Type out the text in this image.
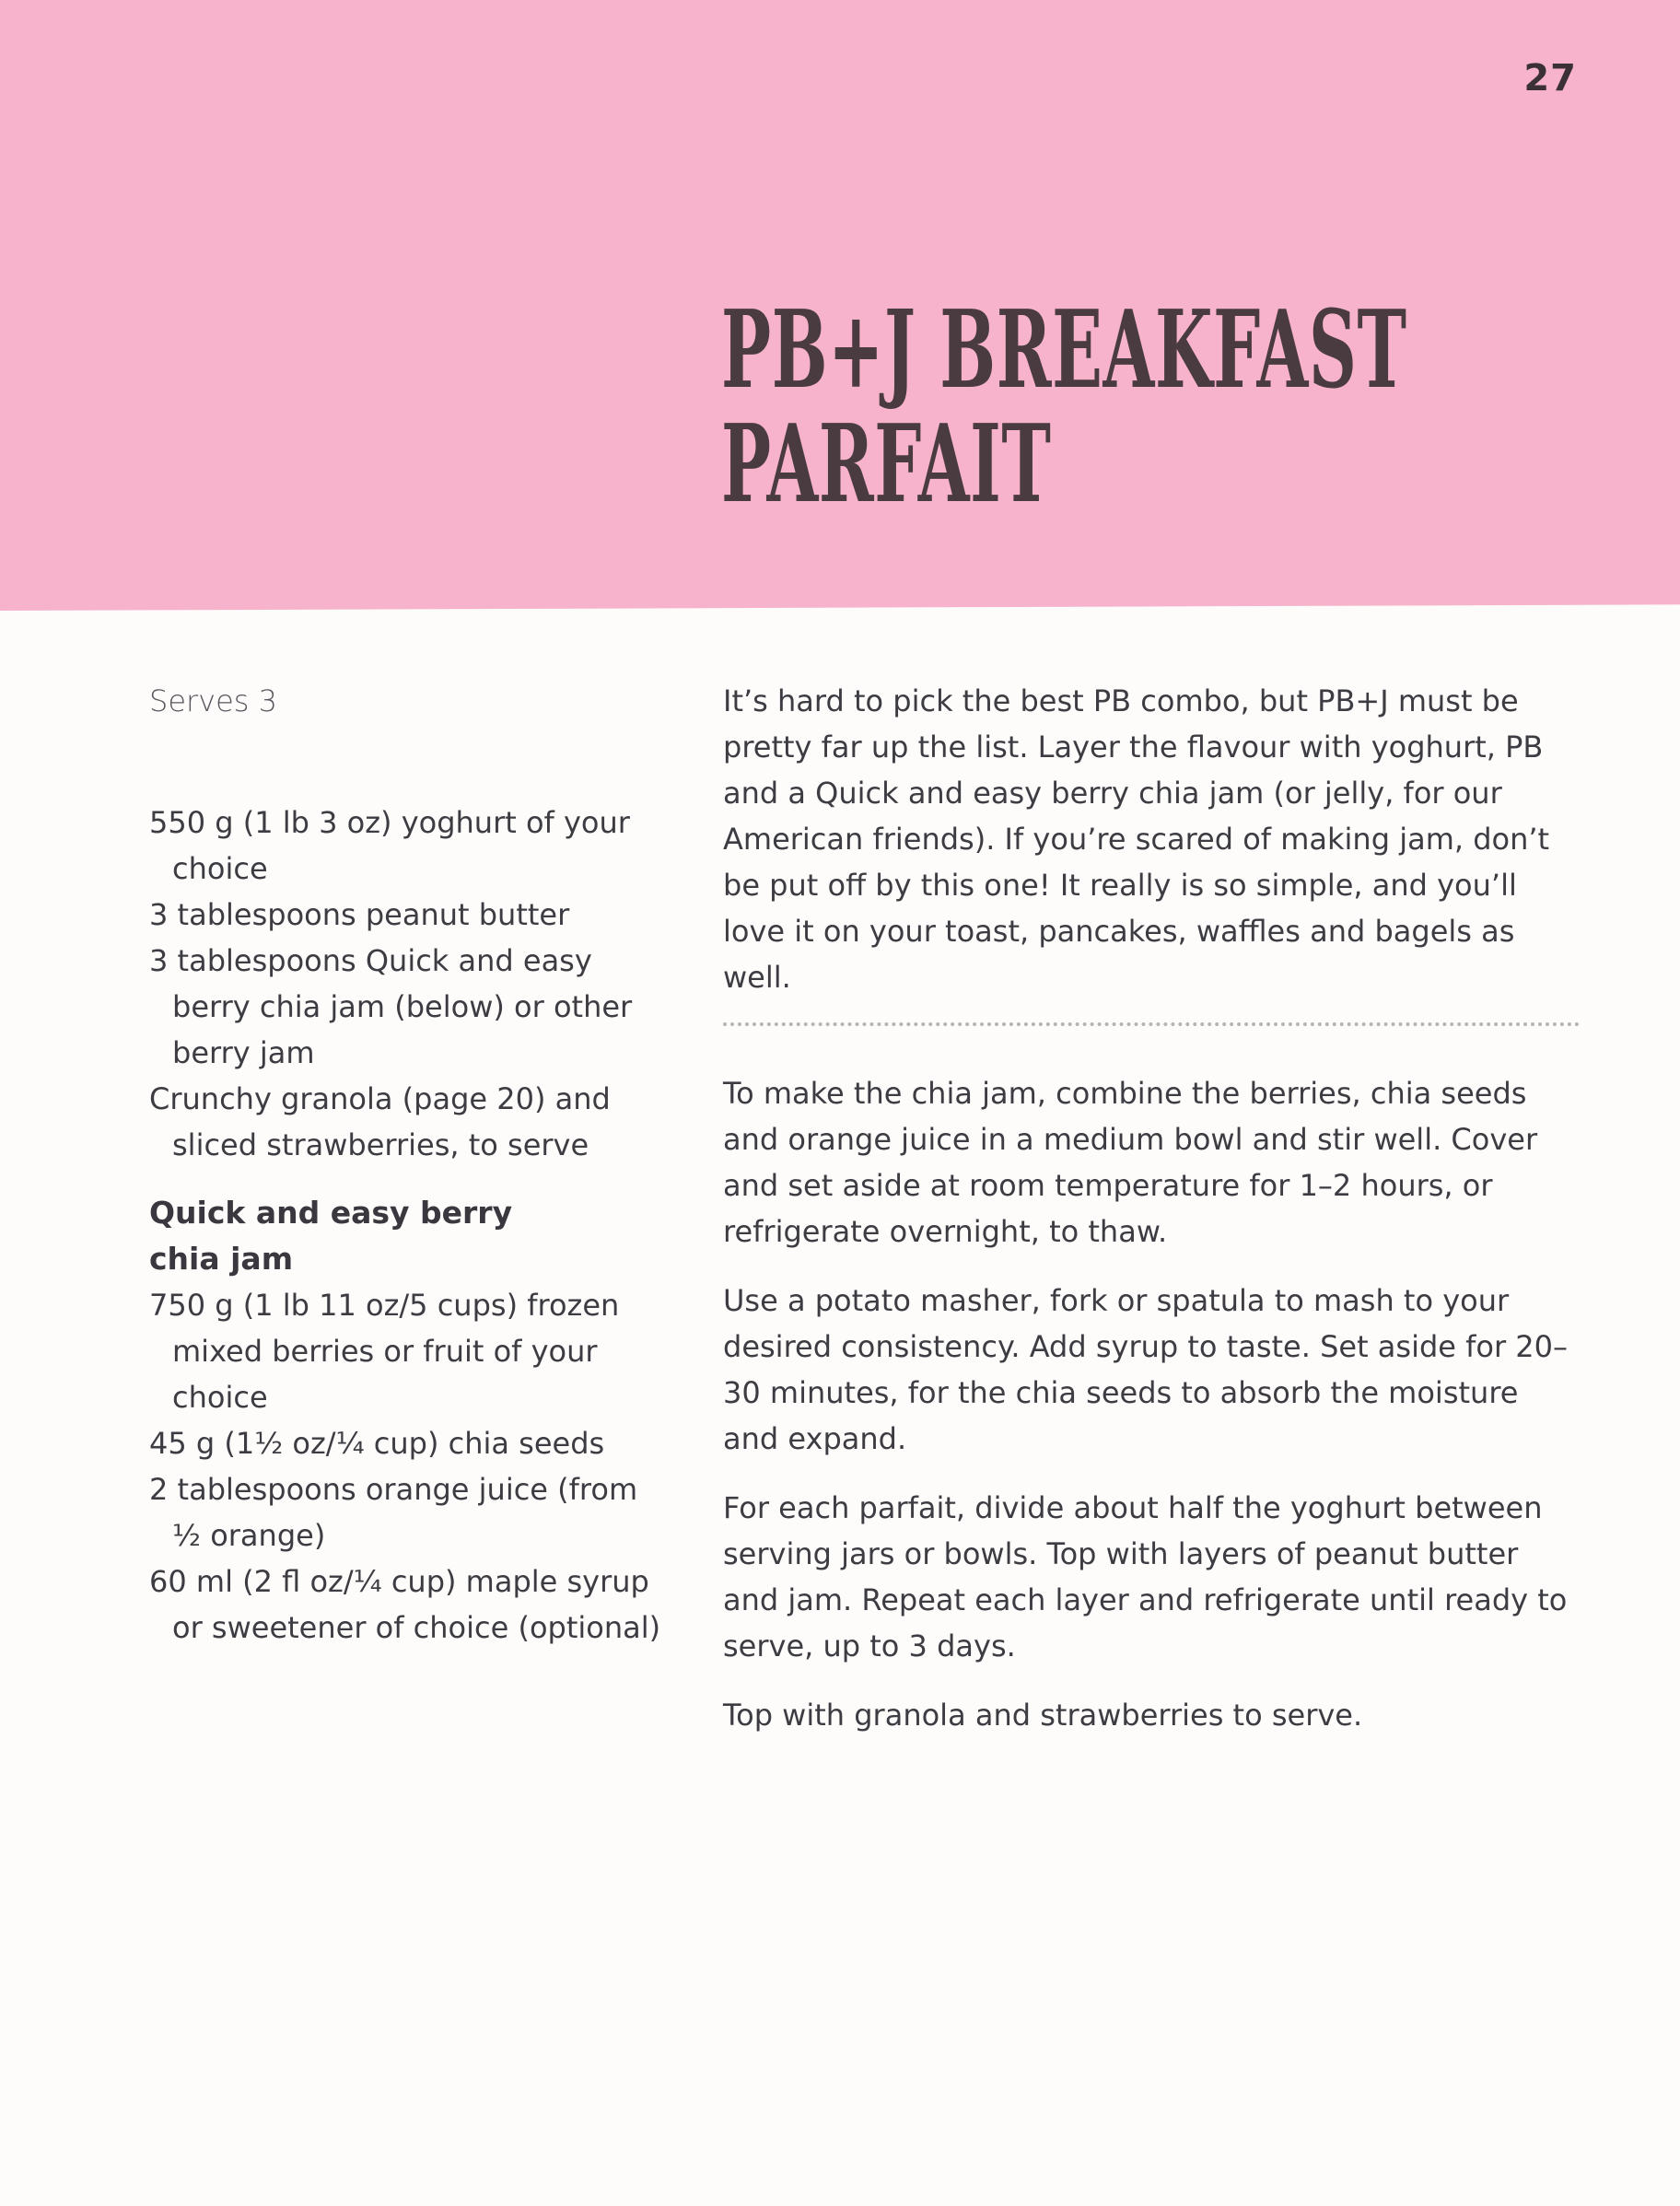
27
PB+J BREAKFAST
PARFAIT

Serves 3

550 g (1 lb 3 oz) yoghurt of your choice
3 tablespoons peanut butter
3 tablespoons Quick and easy berry chia jam (below) or other berry jam
Crunchy granola (page 20) and sliced strawberries, to serve
Quick and easy berry chia jam
750 g (1 lb 11 oz/5 cups) frozen mixed berries or fruit of your choice
45 g (1½ oz/¼ cup) chia seeds
2 tablespoons orange juice (from ½ orange)
60 ml (2 fl oz/¼ cup) maple syrup or sweetener of choice (optional)

It’s hard to pick the best PB combo, but PB+J must be pretty far up the list. Layer the flavour with yoghurt, PB and a Quick and easy berry chia jam (or jelly, for our American friends). If you’re scared of making jam, don’t be put off by this one! It really is so simple, and you’ll love it on your toast, pancakes, waffles and bagels as well.

To make the chia jam, combine the berries, chia seeds and orange juice in a medium bowl and stir well. Cover and set aside at room temperature for 1–2 hours, or refrigerate overnight, to thaw.

Use a potato masher, fork or spatula to mash to your desired consistency. Add syrup to taste. Set aside for 20–30 minutes, for the chia seeds to absorb the moisture and expand.

For each parfait, divide about half the yoghurt between serving jars or bowls. Top with layers of peanut butter and jam. Repeat each layer and refrigerate until ready to serve, up to 3 days.

Top with granola and strawberries to serve.
